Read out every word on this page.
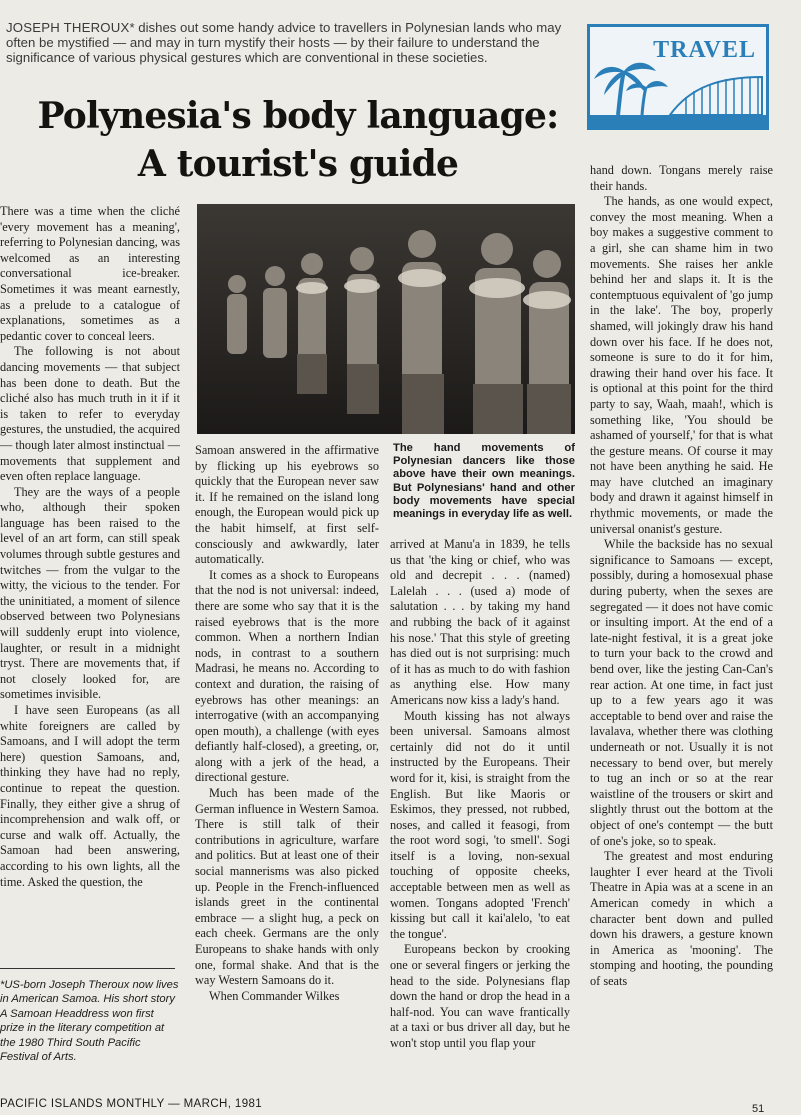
JOSEPH THEROUX* dishes out some handy advice to travellers in Polynesian lands who may often be mystified — and may in turn mystify their hosts — by their failure to understand the significance of various physical gestures which are conventional in these societies.	TRAVEL
Polynesia's body language:
A tourist's guide

There was a time when the cliché 'every movement has a meaning', referring to Polynesian dancing, was welcomed as an interesting conversational ice-breaker. Sometimes it was meant earnestly, as a prelude to a catalogue of explanations, sometimes as a pedantic cover to conceal leers.

The following is not about dancing movements — that subject has been done to death. But the cliché also has much truth in it if it is taken to refer to everyday gestures, the unstudied, the acquired — though later almost instinctual — movements that supplement and even often replace language.

They are the ways of a people who, although their spoken language has been raised to the level of an art form, can still speak volumes through subtle gestures and twitches — from the vulgar to the witty, the vicious to the tender. For the uninitiated, a moment of silence observed between two Polynesians will suddenly erupt into violence, laughter, or result in a midnight tryst. There are movements that, if not closely looked for, are sometimes invisible.

I have seen Europeans (as all white foreigners are called by Samoans, and I will adopt the term here) question Samoans, and, thinking they have had no reply, continue to repeat the question. Finally, they either give a shrug of incomprehension and walk off, or curse and walk off. Actually, the Samoan had been answering, according to his own lights, all the time. Asked the question, the

*US-born Joseph Theroux now lives in American Samoa. His short story A Samoan Headdress won first prize in the literary competition at the 1980 Third South Pacific Festival of Arts.
The hand movements of Polynesian dancers like those above have their own meanings. But Polynesians' hand and other body movements have special meanings in everyday life as well.

Samoan answered in the affirmative by flicking up his eyebrows so quickly that the European never saw it. If he remained on the island long enough, the European would pick up the habit himself, at first self-consciously and awkwardly, later automatically.

It comes as a shock to Europeans that the nod is not universal: indeed, there are some who say that it is the raised eyebrows that is the more common. When a northern Indian nods, in contrast to a southern Madrasi, he means no. According to context and duration, the raising of eyebrows has other meanings: an interrogative (with an accompanying open mouth), a challenge (with eyes defiantly half-closed), a greeting, or, along with a jerk of the head, a directional gesture.

Much has been made of the German influence in Western Samoa. There is still talk of their contributions in agriculture, warfare and politics. But at least one of their social mannerisms was also picked up. People in the French-influenced islands greet in the continental embrace — a slight hug, a peck on each cheek. Germans are the only Europeans to shake hands with only one, formal shake. And that is the way Western Samoans do it.

When Commander Wilkes

arrived at Manu'a in 1839, he tells us that 'the king or chief, who was old and decrepit . . . (named) Lalelah . . . (used a) mode of salutation . . . by taking my hand and rubbing the back of it against his nose.' That this style of greeting has died out is not surprising: much of it has as much to do with fashion as anything else. How many Americans now kiss a lady's hand.

Mouth kissing has not always been universal. Samoans almost certainly did not do it until instructed by the Europeans. Their word for it, kisi, is straight from the English. But like Maoris or Eskimos, they pressed, not rubbed, noses, and called it feasogi, from the root word sogi, 'to smell'. Sogi itself is a loving, non-sexual touching of opposite cheeks, acceptable between men as well as women. Tongans adopted 'French' kissing but call it kai'alelo, 'to eat the tongue'.

Europeans beckon by crooking one or several fingers or jerking the head to the side. Polynesians flap down the hand or drop the head in a half-nod. You can wave frantically at a taxi or bus driver all day, but he won't stop until you flap your

hand down. Tongans merely raise their hands.

The hands, as one would expect, convey the most meaning. When a boy makes a suggestive comment to a girl, she can shame him in two movements. She raises her ankle behind her and slaps it. It is the contemptuous equivalent of 'go jump in the lake'. The boy, properly shamed, will jokingly draw his hand down over his face. If he does not, someone is sure to do it for him, drawing their hand over his face. It is optional at this point for the third party to say, Waah, maah!, which is something like, 'You should be ashamed of yourself,' for that is what the gesture means. Of course it may not have been anything he said. He may have clutched an imaginary body and drawn it against himself in rhythmic movements, or made the universal onanist's gesture.

While the backside has no sexual significance to Samoans — except, possibly, during a homosexual phase during puberty, when the sexes are segregated — it does not have comic or insulting import. At the end of a late-night festival, it is a great joke to turn your back to the crowd and bend over, like the jesting Can-Can's rear action. At one time, in fact just up to a few years ago it was acceptable to bend over and raise the lavalava, whether there was clothing underneath or not. Usually it is not necessary to bend over, but merely to tug an inch or so at the rear waistline of the trousers or skirt and slightly thrust out the bottom at the object of one's contempt — the butt of one's joke, so to speak.

The greatest and most enduring laughter I ever heard at the Tivoli Theatre in Apia was at a scene in an American comedy in which a character bent down and pulled down his drawers, a gesture known in America as 'mooning'. The stomping and hooting, the pounding of seats

PACIFIC ISLANDS MONTHLY — MARCH, 1981	51
